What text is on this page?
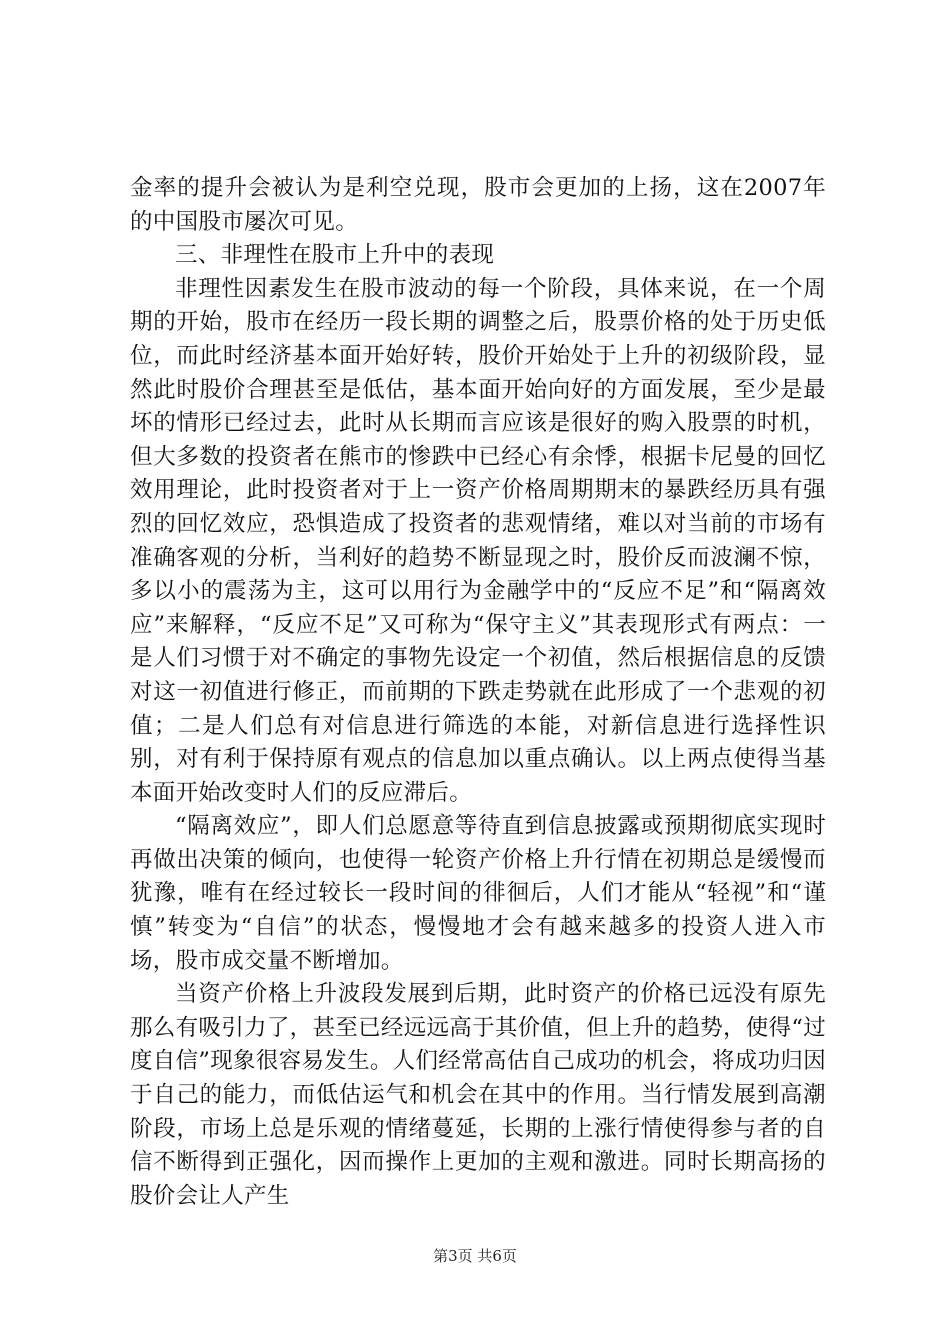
金率的提升会被认为是利空兑现，股市会更加的上扬，这在2007年的中国股市屡次可见。

三、非理性在股市上升中的表现

非理性因素发生在股市波动的每一个阶段，具体来说，在一个周期的开始，股市在经历一段长期的调整之后，股票价格的处于历史低位，而此时经济基本面开始好转，股价开始处于上升的初级阶段，显然此时股价合理甚至是低估，基本面开始向好的方面发展，至少是最坏的情形已经过去，此时从长期而言应该是很好的购入股票的时机，但大多数的投资者在熊市的惨跌中已经心有余悸，根据卡尼曼的回忆效用理论，此时投资者对于上一资产价格周期期末的暴跌经历具有强烈的回忆效应，恐惧造成了投资者的悲观情绪，难以对当前的市场有准确客观的分析，当利好的趋势不断显现之时，股价反而波澜不惊，多以小的震荡为主，这可以用行为金融学中的“反应不足”和“隔离效应”来解释，“反应不足”又可称为“保守主义”其表现形式有两点：一是人们习惯于对不确定的事物先设定一个初值，然后根据信息的反馈对这一初值进行修正，而前期的下跌走势就在此形成了一个悲观的初值；二是人们总有对信息进行筛选的本能，对新信息进行选择性识别，对有利于保持原有观点的信息加以重点确认。以上两点使得当基本面开始改变时人们的反应滞后。

“隔离效应”，即人们总愿意等待直到信息披露或预期彻底实现时再做出决策的倾向，也使得一轮资产价格上升行情在初期总是缓慢而犹豫，唯有在经过较长一段时间的徘徊后，人们才能从“轻视”和“谨慎”转变为“自信”的状态，慢慢地才会有越来越多的投资人进入市场，股市成交量不断增加。

当资产价格上升波段发展到后期，此时资产的价格已远没有原先那么有吸引力了，甚至已经远远高于其价值，但上升的趋势，使得“过度自信”现象很容易发生。人们经常高估自己成功的机会，将成功归因于自己的能力，而低估运气和机会在其中的作用。当行情发展到高潮阶段，市场上总是乐观的情绪蔓延，长期的上涨行情使得参与者的自信不断得到正强化，因而操作上更加的主观和激进。同时长期高扬的股价会让人产生

第3页 共6页
